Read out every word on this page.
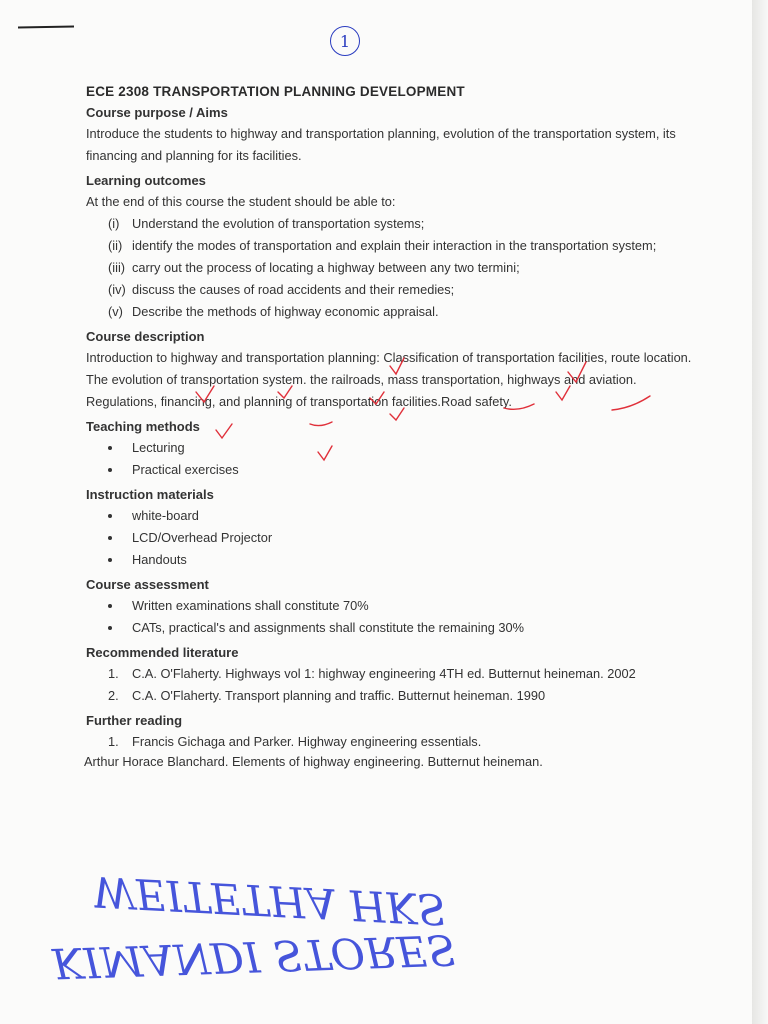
1
ECE 2308 TRANSPORTATION PLANNING DEVELOPMENT
Course purpose / Aims

Introduce the students to highway and transportation planning, evolution of the transportation system, its financing and planning for its facilities.

Learning outcomes

At the end of this course the student should be able to:

(i) Understand the evolution of transportation systems;
(ii) identify the modes of transportation and explain their interaction in the transportation system;
(iii) carry out the process of locating a highway between any two termini;
(iv) discuss the causes of road accidents and their remedies;
(v) Describe the methods of highway economic appraisal.
Course description

Introduction to highway and transportation planning: Classification of transportation facilities, route location. The evolution of transportation system. the railroads, mass transportation, highways and aviation. Regulations, financing, and planning of transportation facilities.Road safety.

Teaching methods
Lecturing
Practical exercises
Instruction materials
white-board
LCD/Overhead Projector
Handouts
Course assessment
Written examinations shall constitute 70%
CATs, practical's and assignments shall constitute the remaining 30%
Recommended literature
1. C.A. O'Flaherty. Highways vol 1: highway engineering 4TH ed. Butternut heineman. 2002
2. C.A. O'Flaherty. Transport planning and traffic. Butternut heineman. 1990
Further reading
1. Francis Gichaga and Parker. Highway engineering essentials.
Arthur Horace Blanchard. Elements of highway engineering. Butternut heineman.
WEITETHA HKS
KIMANDI STORES
